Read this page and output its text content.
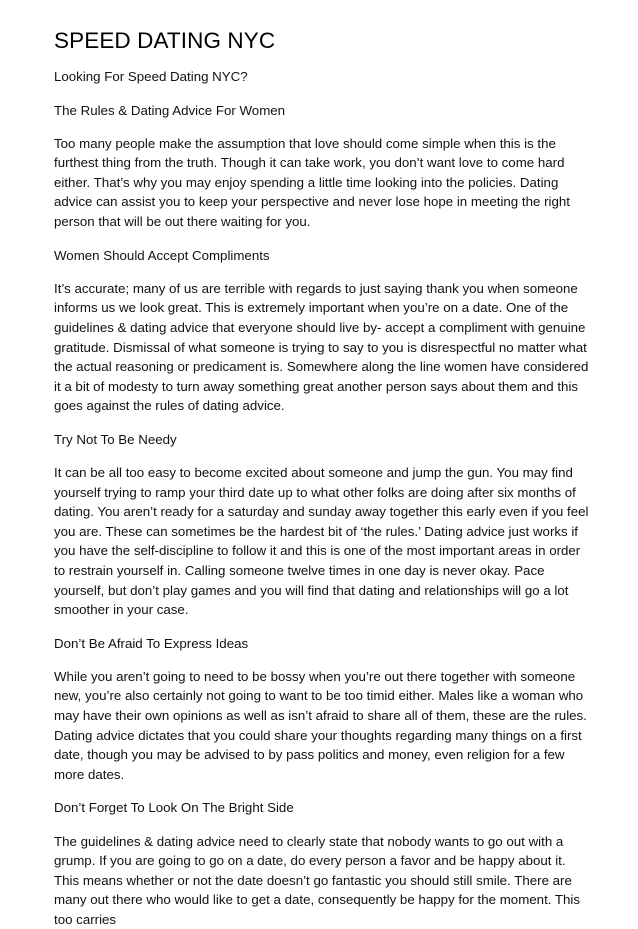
SPEED DATING NYC

Looking For Speed Dating NYC?

The Rules & Dating Advice For Women

Too many people make the assumption that love should come simple when this is the furthest thing from the truth. Though it can take work, you don’t want love to come hard either. That’s why you may enjoy spending a little time looking into the policies. Dating advice can assist you to keep your perspective and never lose hope in meeting the right person that will be out there waiting for you.

Women Should Accept Compliments

It’s accurate; many of us are terrible with regards to just saying thank you when someone informs us we look great. This is extremely important when you’re on a date. One of the guidelines & dating advice that everyone should live by- accept a compliment with genuine gratitude. Dismissal of what someone is trying to say to you is disrespectful no matter what the actual reasoning or predicament is. Somewhere along the line women have considered it a bit of modesty to turn away something great another person says about them and this goes against the rules of dating advice.

Try Not To Be Needy

It can be all too easy to become excited about someone and jump the gun. You may find yourself trying to ramp your third date up to what other folks are doing after six months of dating. You aren’t ready for a saturday and sunday away together this early even if you feel you are. These can sometimes be the hardest bit of ‘the rules.’ Dating advice just works if you have the self-discipline to follow it and this is one of the most important areas in order to restrain yourself in. Calling someone twelve times in one day is never okay. Pace yourself, but don’t play games and you will find that dating and relationships will go a lot smoother in your case.

Don’t Be Afraid To Express Ideas

While you aren’t going to need to be bossy when you’re out there together with someone new, you’re also certainly not going to want to be too timid either. Males like a woman who may have their own opinions as well as isn’t afraid to share all of them, these are the rules. Dating advice dictates that you could share your thoughts regarding many things on a first date, though you may be advised to by pass politics and money, even religion for a few more dates.

Don’t Forget To Look On The Bright Side

The guidelines & dating advice need to clearly state that nobody wants to go out with a grump. If you are going to go on a date, do every person a favor and be happy about it. This means whether or not the date doesn’t go fantastic you should still smile. There are many out there who would like to get a date, consequently be happy for the moment. This too carries
